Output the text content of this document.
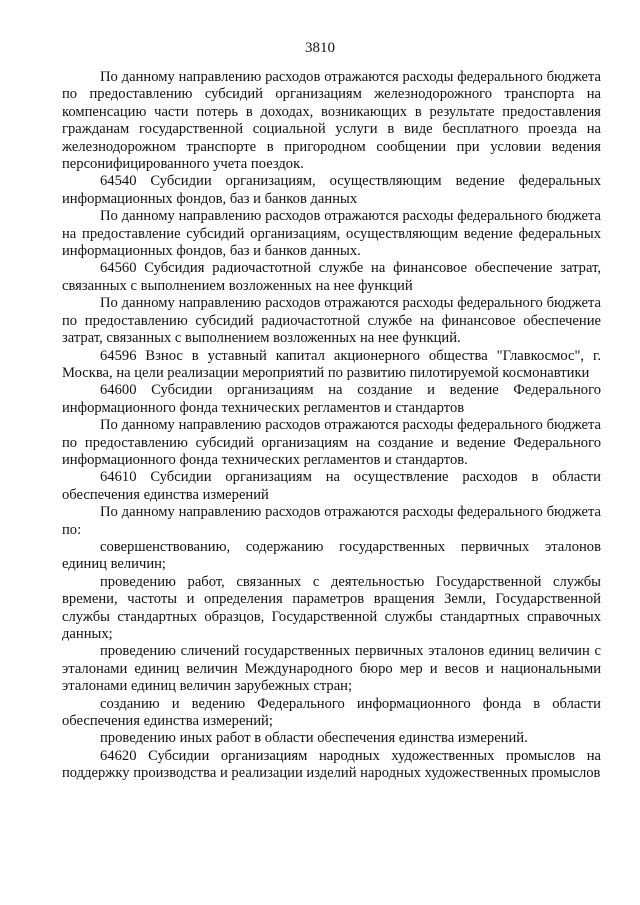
3810

По данному направлению расходов отражаются расходы федерального бюджета по предоставлению субсидий организациям железнодорожного транспорта на компенсацию части потерь в доходах, возникающих в результате предоставления гражданам государственной социальной услуги в виде бесплатного проезда на железнодорожном транспорте в пригородном сообщении при условии ведения персонифицированного учета поездок.

64540 Субсидии организациям, осуществляющим ведение федеральных информационных фондов, баз и банков данных

По данному направлению расходов отражаются расходы федерального бюджета на предоставление субсидий организациям, осуществляющим ведение федеральных информационных фондов, баз и банков данных.

64560 Субсидия радиочастотной службе на финансовое обеспечение затрат, связанных с выполнением возложенных на нее функций

По данному направлению расходов отражаются расходы федерального бюджета по предоставлению субсидий радиочастотной службе на финансовое обеспечение затрат, связанных с выполнением возложенных на нее функций.

64596 Взнос в уставный капитал акционерного общества "Главкосмос", г. Москва, на цели реализации мероприятий по развитию пилотируемой космонавтики

64600 Субсидии организациям на создание и ведение Федерального информационного фонда технических регламентов и стандартов

По данному направлению расходов отражаются расходы федерального бюджета по предоставлению субсидий организациям на создание и ведение Федерального информационного фонда технических регламентов и стандартов.

64610 Субсидии организациям на осуществление расходов в области обеспечения единства измерений

По данному направлению расходов отражаются расходы федерального бюджета по:

совершенствованию, содержанию государственных первичных эталонов единиц величин;

проведению работ, связанных с деятельностью Государственной службы времени, частоты и определения параметров вращения Земли, Государственной службы стандартных образцов, Государственной службы стандартных справочных данных;

проведению сличений государственных первичных эталонов единиц величин с эталонами единиц величин Международного бюро мер и весов и национальными эталонами единиц величин зарубежных стран;

созданию и ведению Федерального информационного фонда в области обеспечения единства измерений;

проведению иных работ в области обеспечения единства измерений.

64620 Субсидии организациям народных художественных промыслов на поддержку производства и реализации изделий народных художественных промыслов
